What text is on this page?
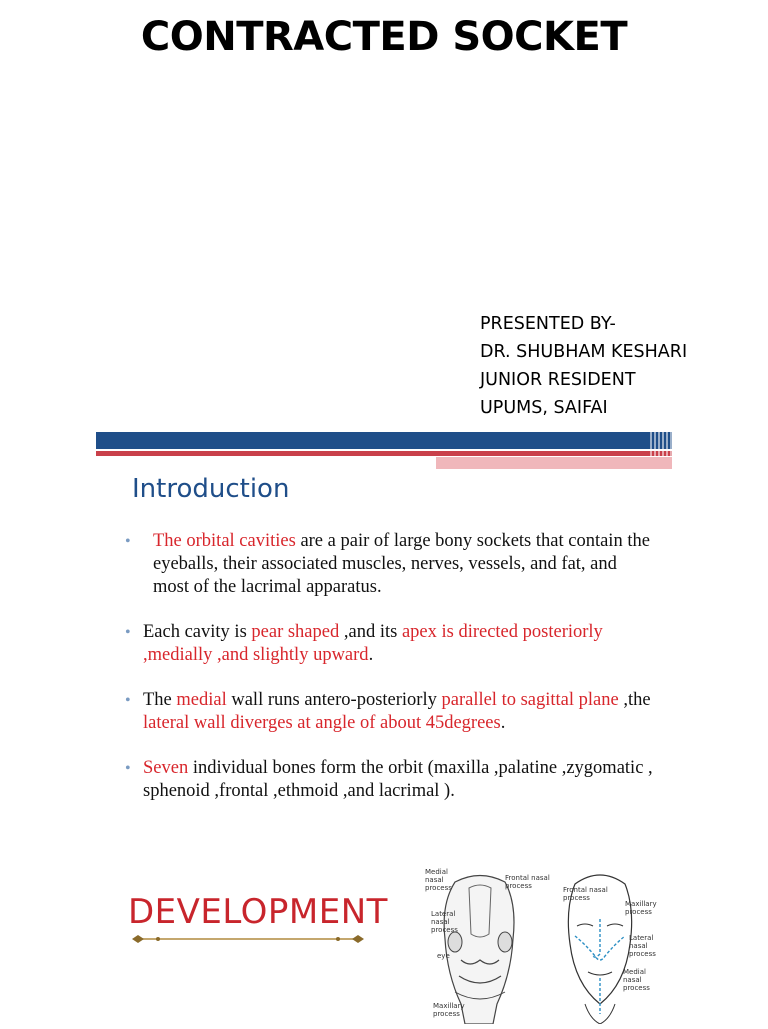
CONTRACTED SOCKET
PRESENTED BY-
DR. SHUBHAM KESHARI
JUNIOR RESIDENT
UPUMS, SAIFAI
Introduction
• The orbital cavities are a pair of large bony sockets that contain the eyeballs, their associated muscles, nerves, vessels, and fat, and most of the lacrimal apparatus.
• Each cavity is pear shaped ,and its apex is directed posteriorly ,medially ,and slightly upward.
• The medial wall runs antero-posteriorly parallel to sagittal plane ,the lateral wall diverges at angle of about 45degrees.
• Seven individual bones form the orbit (maxilla ,palatine ,zygomatic , sphenoid ,frontal ,ethmoid ,and lacrimal ).
DEVELOPMENT
Medial nasal process
Frontal nasal process	Frontal nasal process
Lateral nasal process
eye
Maxillary process
Maxillary process
Lateral nasal process
Medial nasal process
